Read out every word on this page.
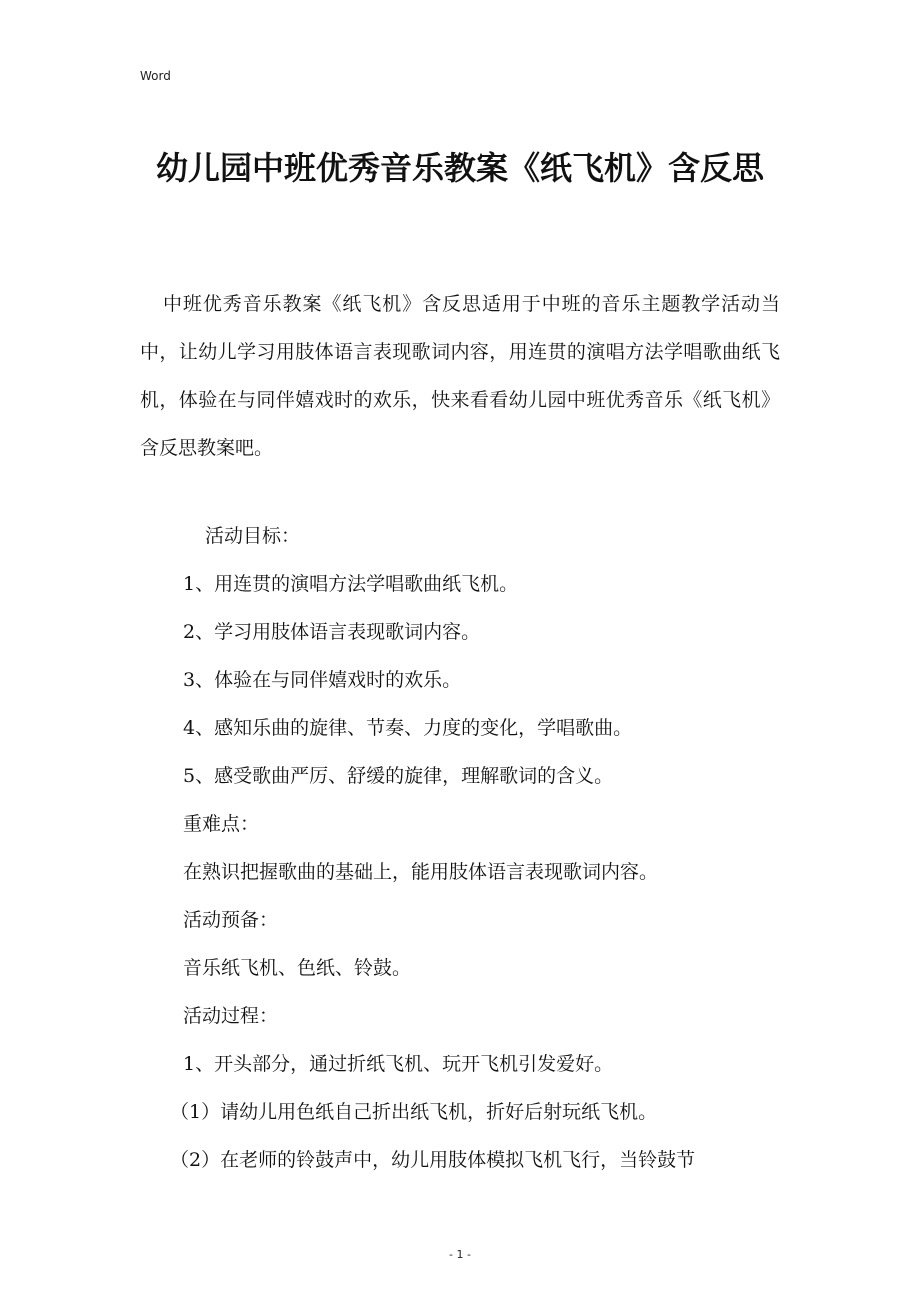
Word
幼儿园中班优秀音乐教案《纸飞机》含反思

中班优秀音乐教案《纸飞机》含反思适用于中班的音乐主题教学活动当中，让幼儿学习用肢体语言表现歌词内容，用连贯的演唱方法学唱歌曲纸飞机，体验在与同伴嬉戏时的欢乐，快来看看幼儿园中班优秀音乐《纸飞机》含反思教案吧。

活动目标：

1、用连贯的演唱方法学唱歌曲纸飞机。

2、学习用肢体语言表现歌词内容。

3、体验在与同伴嬉戏时的欢乐。

4、感知乐曲的旋律、节奏、力度的变化，学唱歌曲。

5、感受歌曲严厉、舒缓的旋律，理解歌词的含义。

重难点：

在熟识把握歌曲的基础上，能用肢体语言表现歌词内容。

活动预备：

音乐纸飞机、色纸、铃鼓。

活动过程：

1、开头部分，通过折纸飞机、玩开飞机引发爱好。

（1）请幼儿用色纸自己折出纸飞机，折好后射玩纸飞机。

（2）在老师的铃鼓声中，幼儿用肢体模拟飞机飞行，当铃鼓节

- 1 -
